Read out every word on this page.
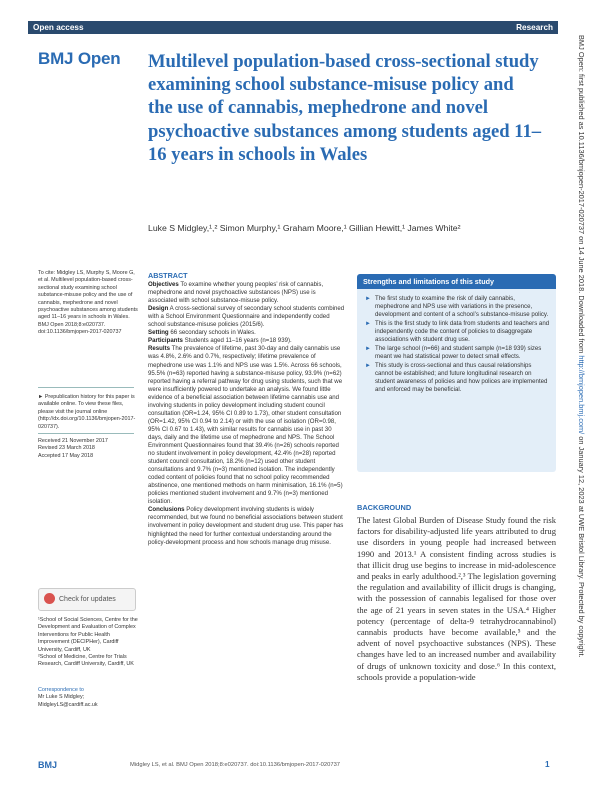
Open access	Research
BMJ Open Multilevel population-based cross-sectional study examining school substance-misuse policy and the use of cannabis, mephedrone and novel psychoactive substances among students aged 11–16 years in schools in Wales
Luke S Midgley,¹,² Simon Murphy,¹ Graham Moore,¹ Gillian Hewitt,¹ James White²
To cite: Midgley LS, Murphy S, Moore G, et al. Multilevel population-based cross-sectional study examining school substance-misuse policy and the use of cannabis, mephedrone and novel psychoactive substances among students aged 11–16 years in schools in Wales. BMJ Open 2018;8:e020737. doi:10.1136/bmjopen-2017-020737
► Prepublication history for this paper is available online. To view these files, please visit the journal online (http://dx.doi.org/10.1136/bmjopen-2017-020737).
Received 21 November 2017
Revised 23 March 2018
Accepted 17 May 2018
Check for updates
¹School of Social Sciences, Centre for the Development and Evaluation of Complex Interventions for Public Health Improvement (DECIPHer), Cardiff University, Cardiff, UK
²School of Medicine, Centre for Trials Research, Cardiff University, Cardiff, UK
Correspondence to
Mr Luke S Midgley; MidgleyLS@cardiff.ac.uk
ABSTRACT
Objectives To examine whether young peoples’ risk of cannabis, mephedrone and novel psychoactive substances (NPS) use is associated with school substance-misuse policy.
Design A cross-sectional survey of secondary school students combined with a School Environment Questionnaire and independently coded school substance-misuse policies (2015/6).
Setting 66 secondary schools in Wales.
Participants Students aged 11–16 years (n=18 939).
Results The prevalence of lifetime, past 30-day and daily cannabis use was 4.8%, 2.6% and 0.7%, respectively; lifetime prevalence of mephedrone use was 1.1% and NPS use was 1.5%. Across 66 schools, 95.5% (n=63) reported having a substance-misuse policy, 93.9% (n=62) reported having a referral pathway for drug using students, such that we were insufficiently powered to undertake an analysis. We found little evidence of a beneficial association between lifetime cannabis use and involving students in policy development including student council consultation (OR=1.24, 95% CI 0.89 to 1.73), other student consultation (OR=1.42, 95% CI 0.94 to 2.14) or with the use of isolation (OR=0.98, 95% CI 0.67 to 1.43), with similar results for cannabis use in past 30 days, daily and the lifetime use of mephedrone and NPS. The School Environment Questionnaires found that 39.4% (n=26) schools reported no student involvement in policy development, 42.4% (n=28) reported student council consultation, 18.2% (n=12) used other student consultations and 9.7% (n=3) mentioned isolation. The independently coded content of policies found that no school policy recommended abstinence, one mentioned methods on harm minimisation, 16.1% (n=5) policies mentioned student involvement and 9.7% (n=3) mentioned isolation.
Conclusions Policy development involving students is widely recommended, but we found no beneficial associations between student involvement in policy development and student drug use. This paper has highlighted the need for further contextual understanding around the policy-development process and how schools manage drug misuse.
Strengths and limitations of this study
► The first study to examine the risk of daily cannabis, mephedrone and NPS use with variations in the presence, development and content of a school’s substance-misuse policy.
► This is the first study to link data from students and teachers and independently code the content of policies to disaggregate associations with student drug use.
► The large school (n=66) and student sample (n=18 939) sizes meant we had statistical power to detect small effects.
► This study is cross-sectional and thus causal relationships cannot be established; and future longitudinal research on student awareness of policies and how polices are implemented and enforced may be beneficial.
BACKGROUND
The latest Global Burden of Disease Study found the risk factors for disability-adjusted life years attributed to drug use disorders in young people had increased between 1990 and 2013.¹ A consistent finding across studies is that illicit drug use begins to increase in mid-adolescence and peaks in early adulthood.²,³ The legislation governing the regulation and availability of illicit drugs is changing, with the possession of cannabis legalised for those over the age of 21 years in seven states in the USA.⁴ Higher potency (percentage of delta-9 tetrahydrocannabinol) cannabis products have become available,⁵ and the advent of novel psychoactive substances (NPS). These changes have led to an increased number and availability of drugs of unknown toxicity and dose.⁶ In this context, schools provide a population-wide
BMJ Open: first published as 10.1136/bmjopen-2017-020737 on 14 June 2018. Downloaded from http://bmjopen.bmj.com/ on January 12, 2023 at UWE Bristol Library. Protected by copyright.
BMJ	Midgley LS, et al. BMJ Open 2018;8:e020737. doi:10.1136/bmjopen-2017-020737	1
